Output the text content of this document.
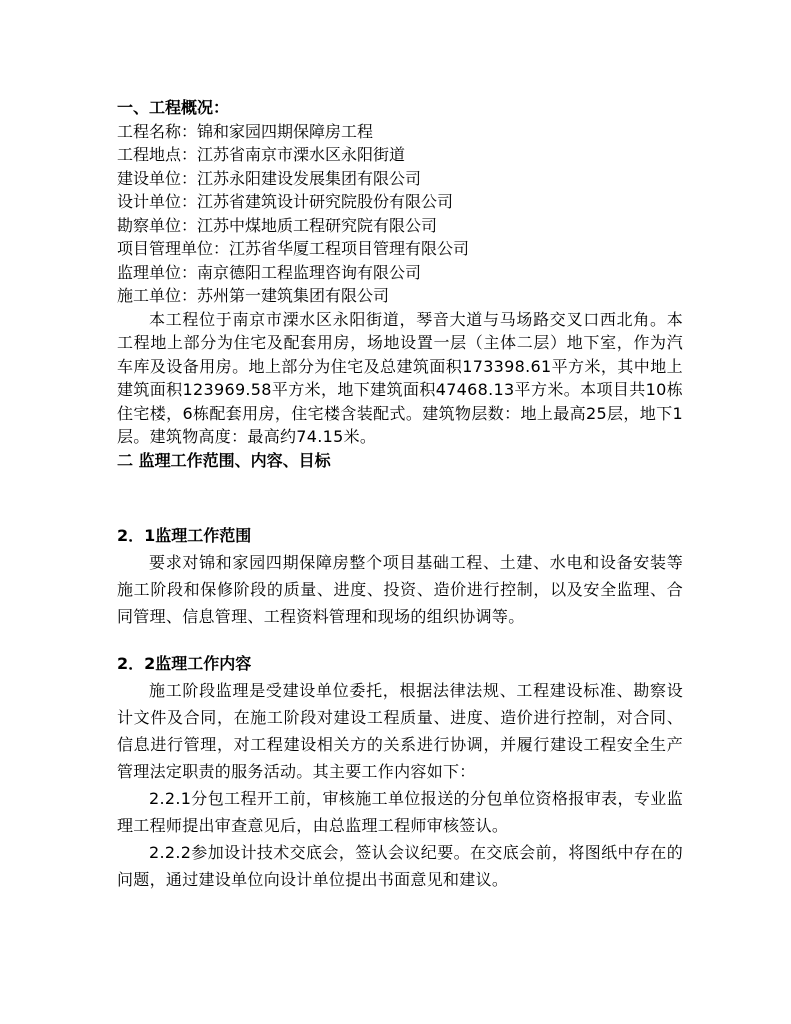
一、工程概况：

工程名称：锦和家园四期保障房工程

工程地点：江苏省南京市溧水区永阳街道

建设单位：江苏永阳建设发展集团有限公司

设计单位：江苏省建筑设计研究院股份有限公司

勘察单位：江苏中煤地质工程研究院有限公司

项目管理单位：江苏省华厦工程项目管理有限公司

监理单位：南京德阳工程监理咨询有限公司

施工单位：苏州第一建筑集团有限公司

本工程位于南京市溧水区永阳街道，琴音大道与马场路交叉口西北角。本工程地上部分为住宅及配套用房，场地设置一层（主体二层）地下室，作为汽车库及设备用房。地上部分为住宅及总建筑面积173398.61平方米，其中地上建筑面积123969.58平方米，地下建筑面积47468.13平方米。本项目共10栋住宅楼，6栋配套用房，住宅楼含装配式。建筑物层数：地上最高25层，地下1层。建筑物高度：最高约74.15米。

二 监理工作范围、内容、目标

2．1监理工作范围

要求对锦和家园四期保障房整个项目基础工程、土建、水电和设备安装等施工阶段和保修阶段的质量、进度、投资、造价进行控制，以及安全监理、合同管理、信息管理、工程资料管理和现场的组织协调等。

2．2监理工作内容

施工阶段监理是受建设单位委托，根据法律法规、工程建设标准、勘察设计文件及合同，在施工阶段对建设工程质量、进度、造价进行控制，对合同、信息进行管理，对工程建设相关方的关系进行协调，并履行建设工程安全生产管理法定职责的服务活动。其主要工作内容如下：

2.2.1分包工程开工前，审核施工单位报送的分包单位资格报审表，专业监理工程师提出审查意见后，由总监理工程师审核签认。

2.2.2参加设计技术交底会，签认会议纪要。在交底会前，将图纸中存在的问题，通过建设单位向设计单位提出书面意见和建议。
